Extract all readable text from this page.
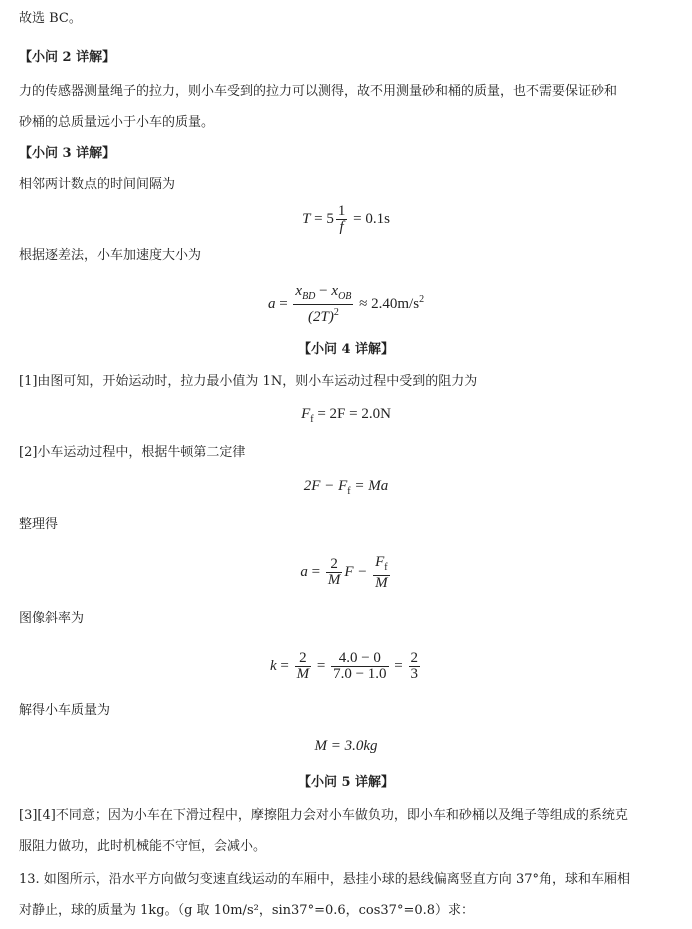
故选 BC。
【小问 2 详解】
力的传感器测量绳子的拉力，则小车受到的拉力可以测得，故不用测量砂和桶的质量，也不需要保证砂和
砂桶的总质量远小于小车的质量。
【小问 3 详解】
相邻两计数点的时间间隔为
$T = 5 \frac{1}{f} = 0.1s$
根据逐差法，小车加速度大小为
$a = \frac{x_{BD} - x_{OB}}{(2T)^2} \approx 2.40m/s^2$
【小问 4 详解】
[1]由图可知，开始运动时，拉力最小值为 1N，则小车运动过程中受到的阻力为
$F_f = 2F = 2.0N$
[2]小车运动过程中，根据牛顿第二定律
$2F - F_f = Ma$
整理得
$a = \frac{2}{M}$ $F - \frac{F_f}{M}$
图像斜率为
$k = \frac{2}{M} = \frac{4.0 - 0}{7.0 - 1.0} = \frac{2}{3}$
解得小车质量为
M = 3.0kg
【小问 5 详解】
[3][4]不同意；因为小车在下滑过程中，摩擦阻力会对小车做负功，即小车和砂桶以及绳子等组成的系统克
服阻力做功，此时机械能不守恒，会减小。
13. 如图所示，沿水平方向做匀变速直线运动的车厢中，悬挂小球的悬线偏离竖直方向 37°角，球和车厢相
对静止，球的质量为 1kg。（g 取 10m/s²，sin37°=0.6，cos37°=0.8）求：
